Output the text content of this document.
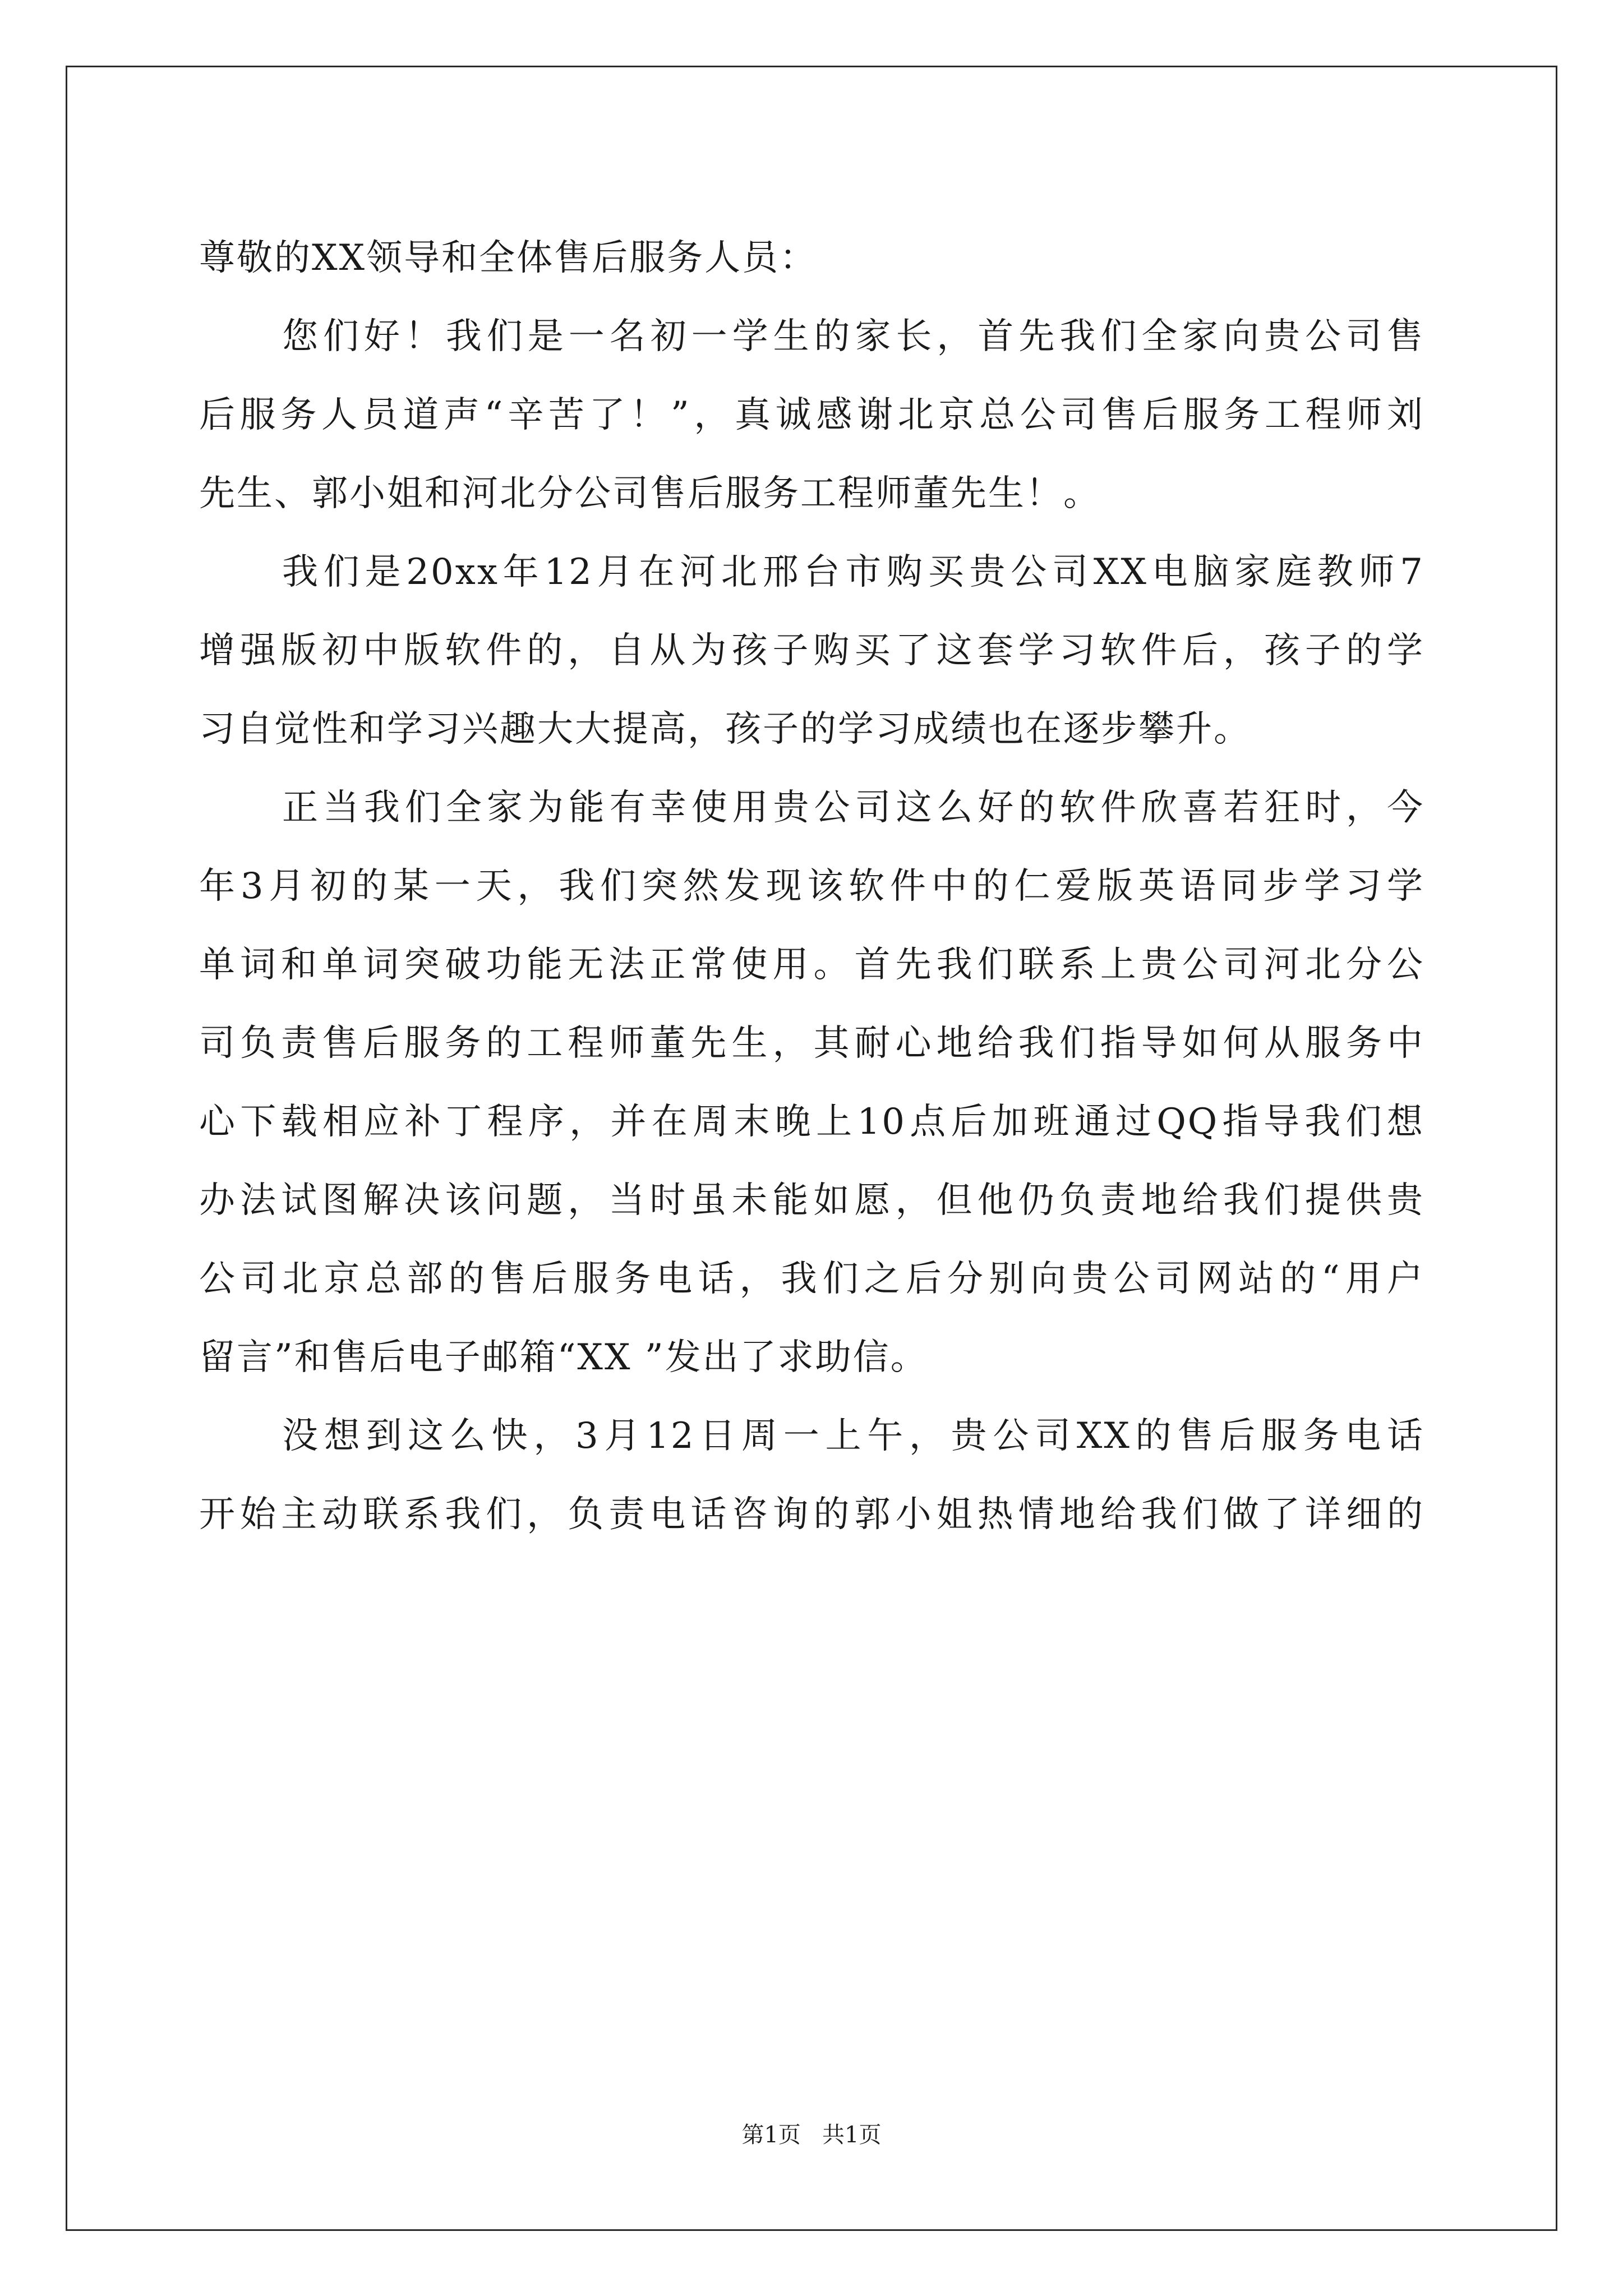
尊敬的XX领导和全体售后服务人员：
您们好！我们是一名初一学生的家长，首先我们全家向贵公司售
后服务人员道声“辛苦了！”，真诚感谢北京总公司售后服务工程师刘
先生、郭小姐和河北分公司售后服务工程师董先生！。
我们是20xx年12月在河北邢台市购买贵公司XX电脑家庭教师7
增强版初中版软件的，自从为孩子购买了这套学习软件后，孩子的学
习自觉性和学习兴趣大大提高，孩子的学习成绩也在逐步攀升。
正当我们全家为能有幸使用贵公司这么好的软件欣喜若狂时，今
年3月初的某一天，我们突然发现该软件中的仁爱版英语同步学习学
单词和单词突破功能无法正常使用。首先我们联系上贵公司河北分公
司负责售后服务的工程师董先生，其耐心地给我们指导如何从服务中
心下载相应补丁程序，并在周末晚上10点后加班通过QQ指导我们想
办法试图解决该问题，当时虽未能如愿，但他仍负责地给我们提供贵
公司北京总部的售后服务电话，我们之后分别向贵公司网站的“用户
留言”和售后电子邮箱“XX ”发出了求助信。
没想到这么快，3月12日周一上午，贵公司XX的售后服务电话
开始主动联系我们，负责电话咨询的郭小姐热情地给我们做了详细的
第1页   共1页
